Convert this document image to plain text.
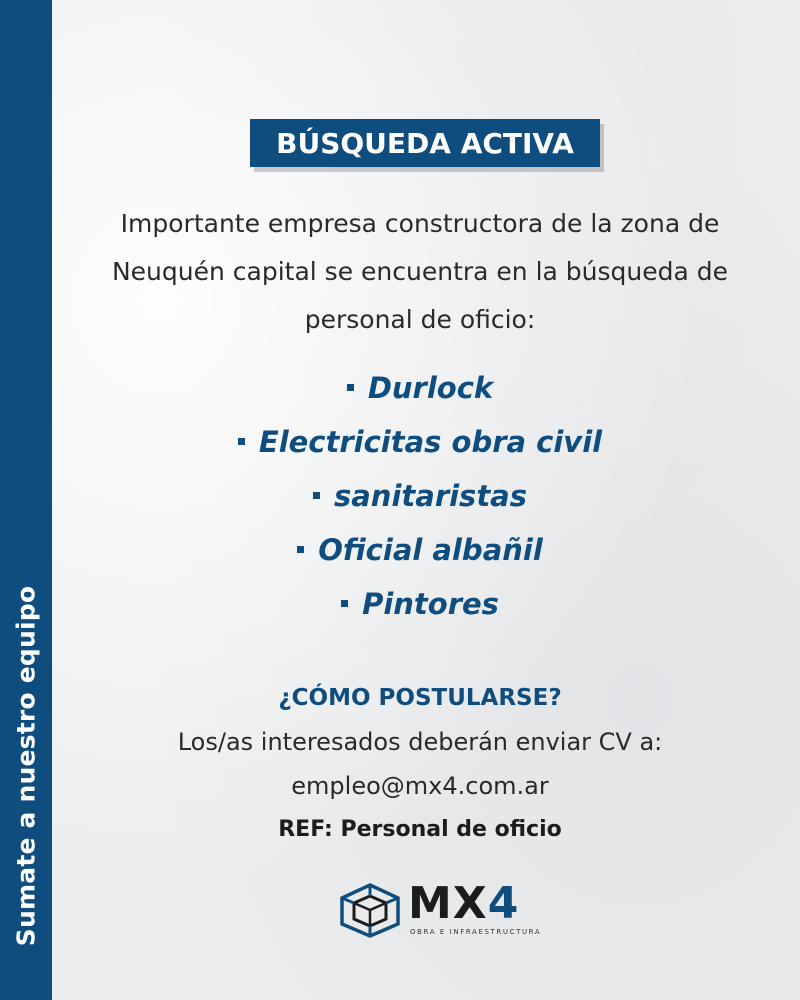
Sumate a nuestro equipo
BÚSQUEDA ACTIVA
Importante empresa constructora de la zona de
Neuquén capital se encuentra en la búsqueda de
personal de oficio:
Durlock
Electricitas obra civil
sanitaristas
Oficial albañil
Pintores
¿CÓMO POSTULARSE?
Los/as interesados deberán enviar CV a:
empleo@mx4.com.ar
REF: Personal de oficio
MX4
OBRA E INFRAESTRUCTURA
